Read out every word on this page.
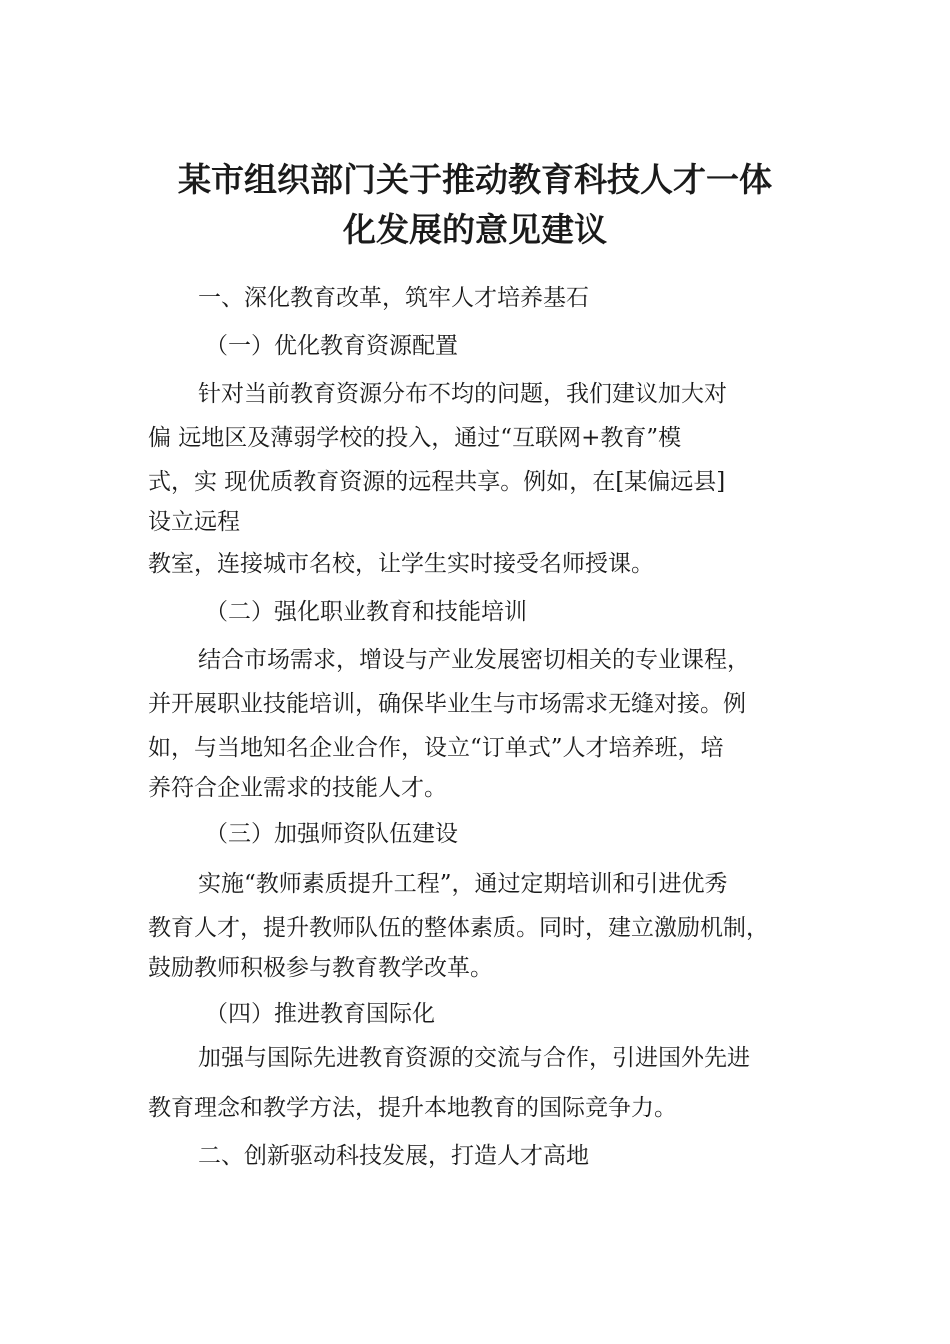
某市组织部门关于推动教育科技人才一体
化发展的意见建议

一、深化教育改革，筑牢人才培养基石

（一）优化教育资源配置

针对当前教育资源分布不均的问题，我们建议加大对

偏 远地区及薄弱学校的投入，通过“互联网+教育”模

式，实 现优质教育资源的远程共享。例如，在[某偏远县]

设立远程

教室，连接城市名校，让学生实时接受名师授课。

（二）强化职业教育和技能培训

结合市场需求，增设与产业发展密切相关的专业课程，

并开展职业技能培训，确保毕业生与市场需求无缝对接。例

如，与当地知名企业合作，设立“订单式”人才培养班，培

养符合企业需求的技能人才。

（三）加强师资队伍建设

实施“教师素质提升工程”，通过定期培训和引进优秀

教育人才，提升教师队伍的整体素质。同时，建立激励机制，

鼓励教师积极参与教育教学改革。

（四）推进教育国际化

加强与国际先进教育资源的交流与合作，引进国外先进

教育理念和教学方法，提升本地教育的国际竞争力。

二、创新驱动科技发展，打造人才高地
